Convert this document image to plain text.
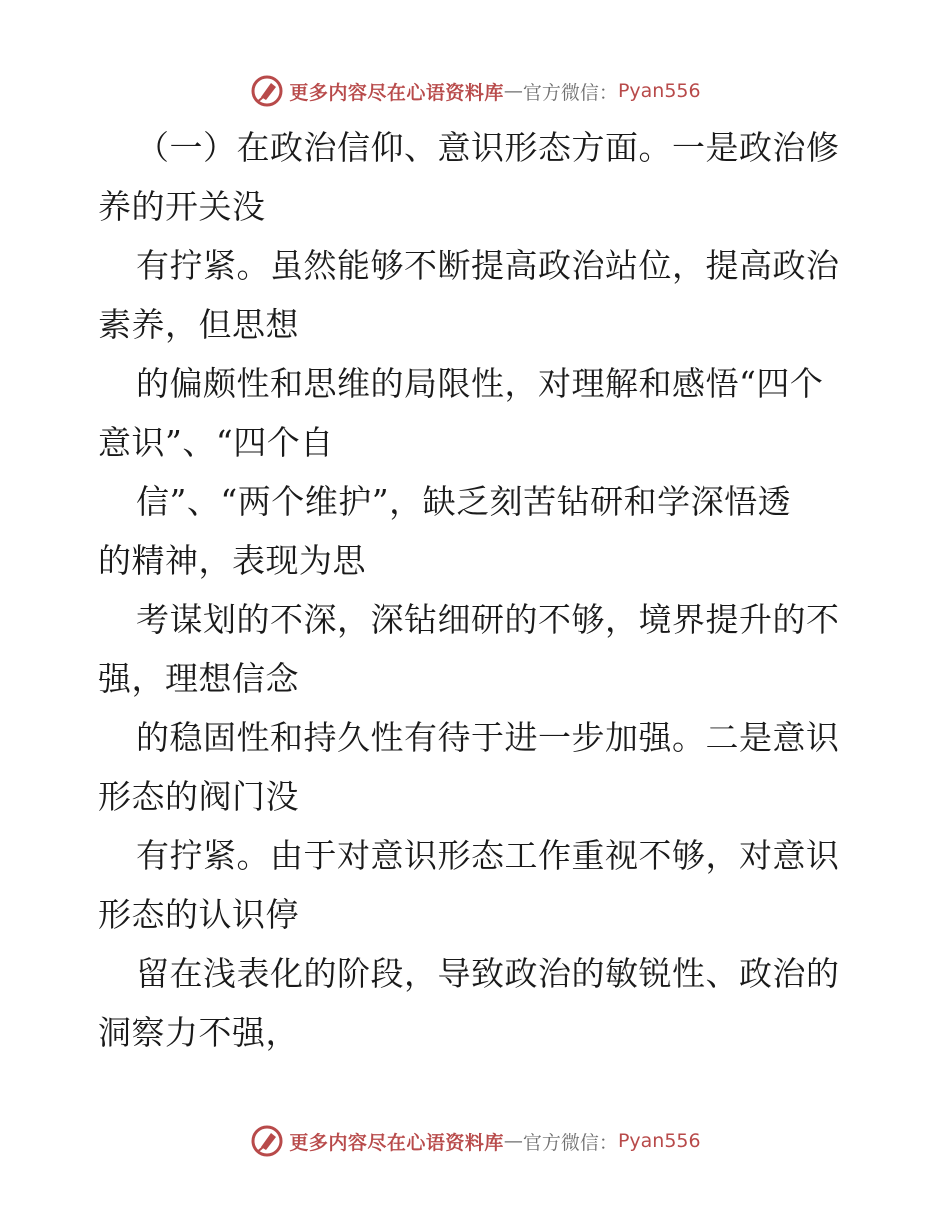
更多内容尽在心语资料库 — 官方微信： Pyan556
（一）在政治信仰、意识形态方面。一是政治修
养的开关没
有拧紧。虽然能够不断提高政治站位，提高政治
素养，但思想
的偏颇性和思维的局限性，对理解和感悟“四个
意识”、“四个自
信”、“两个维护”，缺乏刻苦钻研和学深悟透
的精神，表现为思
考谋划的不深，深钻细研的不够，境界提升的不
强，理想信念
的稳固性和持久性有待于进一步加强。二是意识
形态的阀门没
有拧紧。由于对意识形态工作重视不够，对意识
形态的认识停
留在浅表化的阶段，导致政治的敏锐性、政治的
洞察力不强，
更多内容尽在心语资料库 — 官方微信： Pyan556
